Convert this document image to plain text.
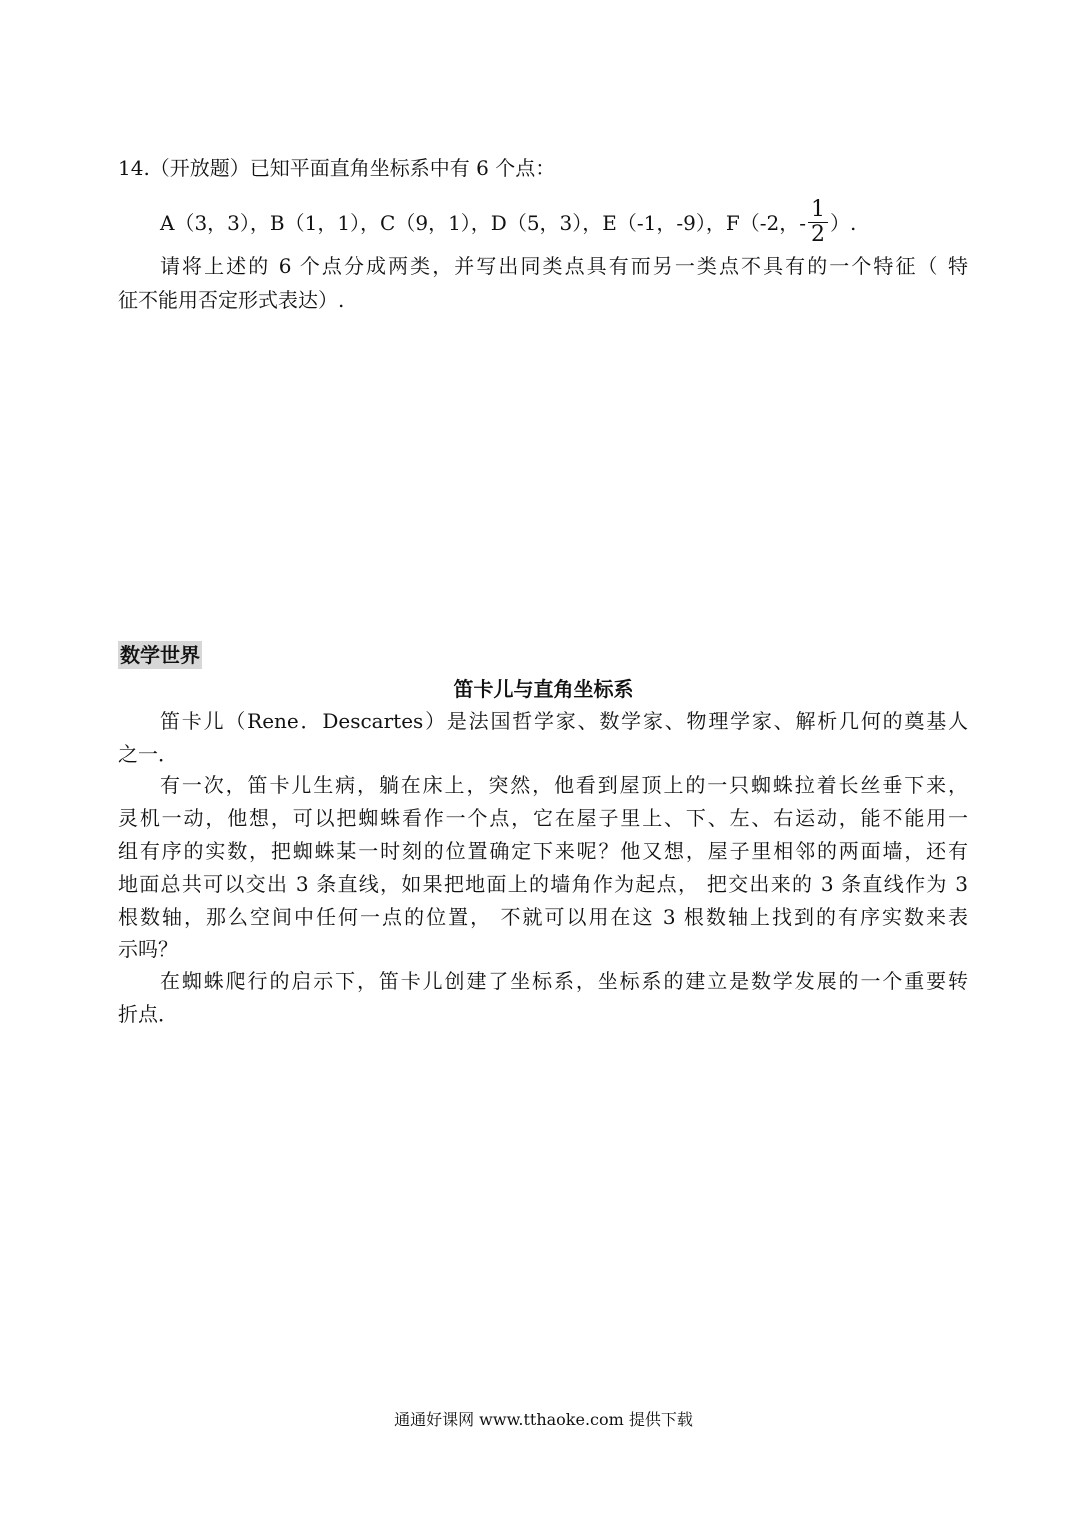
14.（开放题）已知平面直角坐标系中有 6 个点：
A（3，3），B（1，1），C（9，1），D（5，3），E（-1，-9），F（-2，- $\frac{1}{2}$ ）.
请将上述的 6 个点分成两类，并写出同类点具有而另一类点不具有的一个特征（ 特
征不能用否定形式表达）.
数学世界
笛卡儿与直角坐标系
笛卡儿（Rene．Descartes）是法国哲学家、数学家、物理学家、解析几何的奠基人
之一．
有一次，笛卡儿生病，躺在床上，突然，他看到屋顶上的一只蜘蛛拉着长丝垂下来，
灵机一动，他想，可以把蜘蛛看作一个点，它在屋子里上、下、左、右运动，能不能用一
组有序的实数，把蜘蛛某一时刻的位置确定下来呢？他又想，屋子里相邻的两面墙，还有
地面总共可以交出 3 条直线，如果把地面上的墙角作为起点， 把交出来的 3 条直线作为 3
根数轴，那么空间中任何一点的位置， 不就可以用在这 3 根数轴上找到的有序实数来表
示吗？
在蜘蛛爬行的启示下，笛卡儿创建了坐标系，坐标系的建立是数学发展的一个重要转
折点．
通通好课网 www.tthaoke.com 提供下载
